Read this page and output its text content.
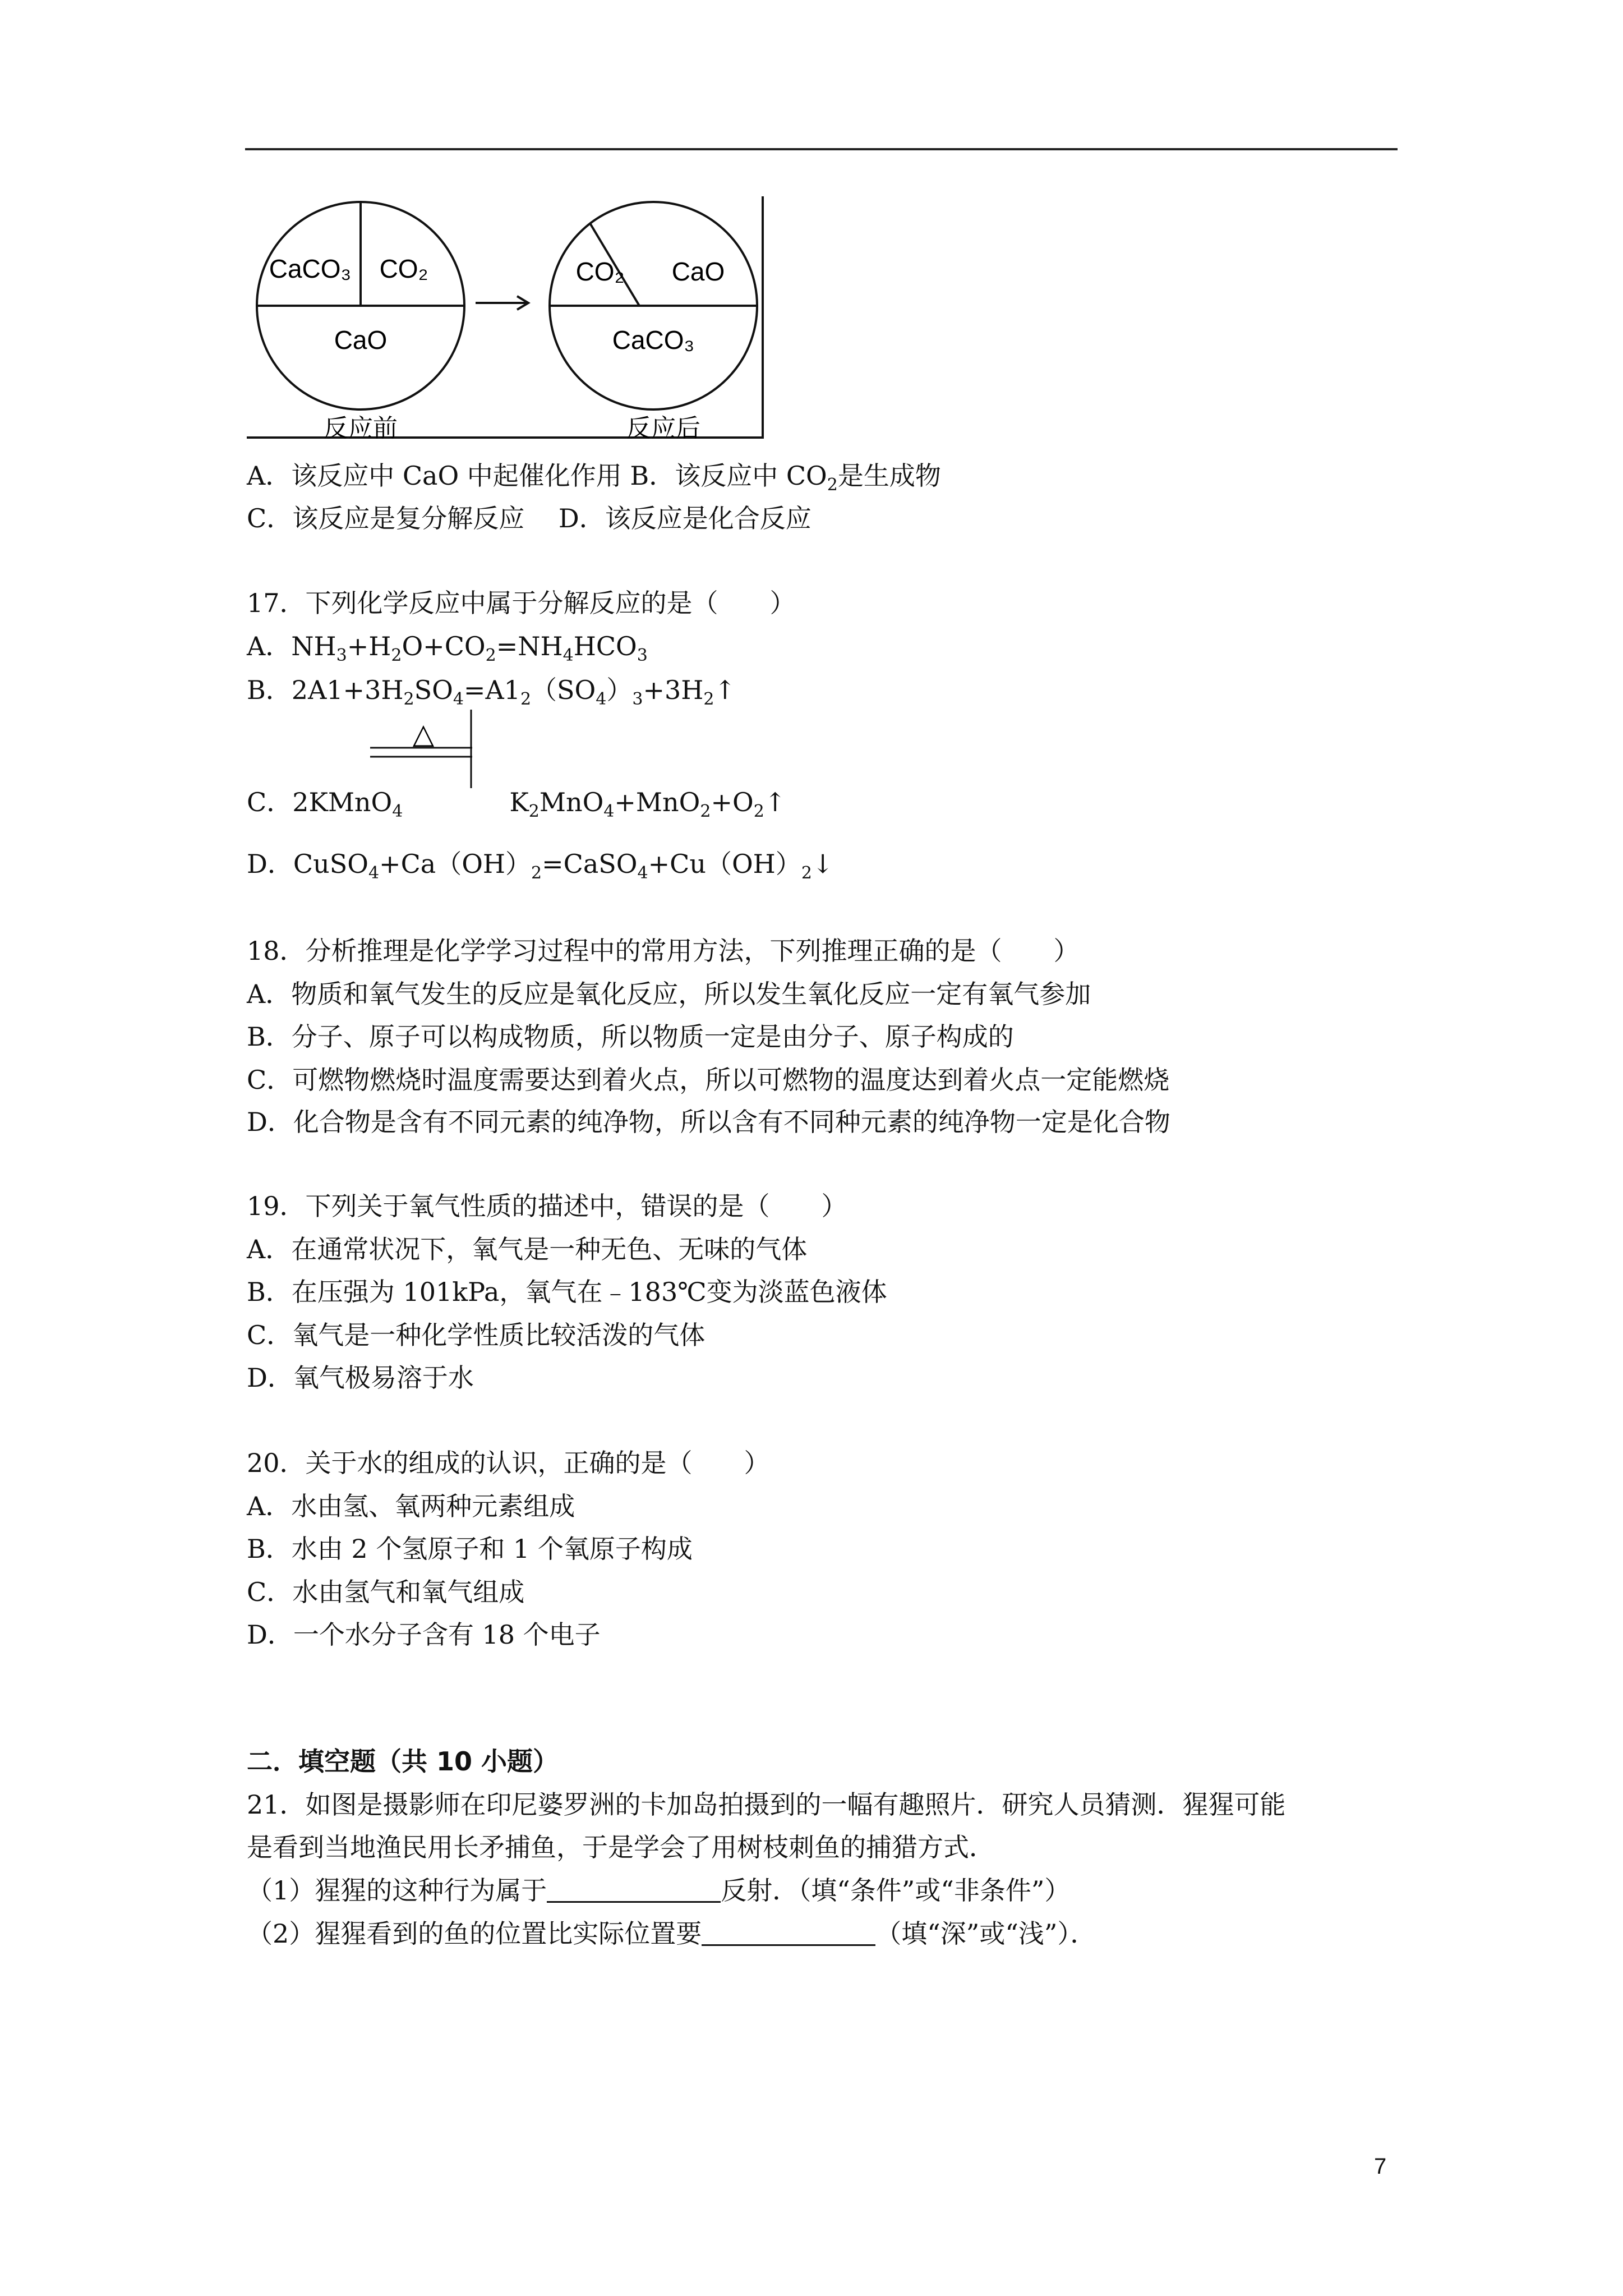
CaCO₃ CO₂
CaO
反应前
CO₂ CaO
CaCO₃
反应后
A．该反应中 CaO 中起催化作用 B．该反应中 $CO_2$是生成物
C．该反应是复分解反应　 D．该反应是化合反应
17．下列化学反应中属于分解反应的是（　　）
A．$NH_3+H_2O+CO_2=NH_4HCO_3$
B．$2A1+3H_2SO_4=A1_2(SO_4)_3+3H_2↑$
△
C．2KMnO$_4$	$K_2MnO_4+MnO_2+O_2↑$
D．$CuSO_4+Ca(OH)_2=CaSO_4+Cu(OH)_2↓$
18．分析推理是化学学习过程中的常用方法，下列推理正确的是（　　）
A．物质和氧气发生的反应是氧化反应，所以发生氧化反应一定有氧气参加
B．分子、原子可以构成物质，所以物质一定是由分子、原子构成的
C．可燃物燃烧时温度需要达到着火点，所以可燃物的温度达到着火点一定能燃烧
D．化合物是含有不同元素的纯净物，所以含有不同种元素的纯净物一定是化合物
19．下列关于氧气性质的描述中，错误的是（　　）
A．在通常状况下，氧气是一种无色、无味的气体
B．在压强为 101kPa，氧气在﹣183℃变为淡蓝色液体
C．氧气是一种化学性质比较活泼的气体
D．氧气极易溶于水
20．关于水的组成的认识，正确的是（　　）
A．水由氢、氧两种元素组成
B．水由 2 个氢原子和 1 个氧原子构成
C．水由氢气和氧气组成
D．一个水分子含有 18 个电子
二．填空题（共 10 小题）
21．如图是摄影师在印尼婆罗洲的卡加岛拍摄到的一幅有趣照片．研究人员猜测．猩猩可能
是看到当地渔民用长矛捕鱼，于是学会了用树枝刺鱼的捕猎方式．
（1）猩猩的这种行为属于	反射．（填“条件”或“非条件”）
（2）猩猩看到的鱼的位置比实际位置要	（填“深”或“浅”）．
7
